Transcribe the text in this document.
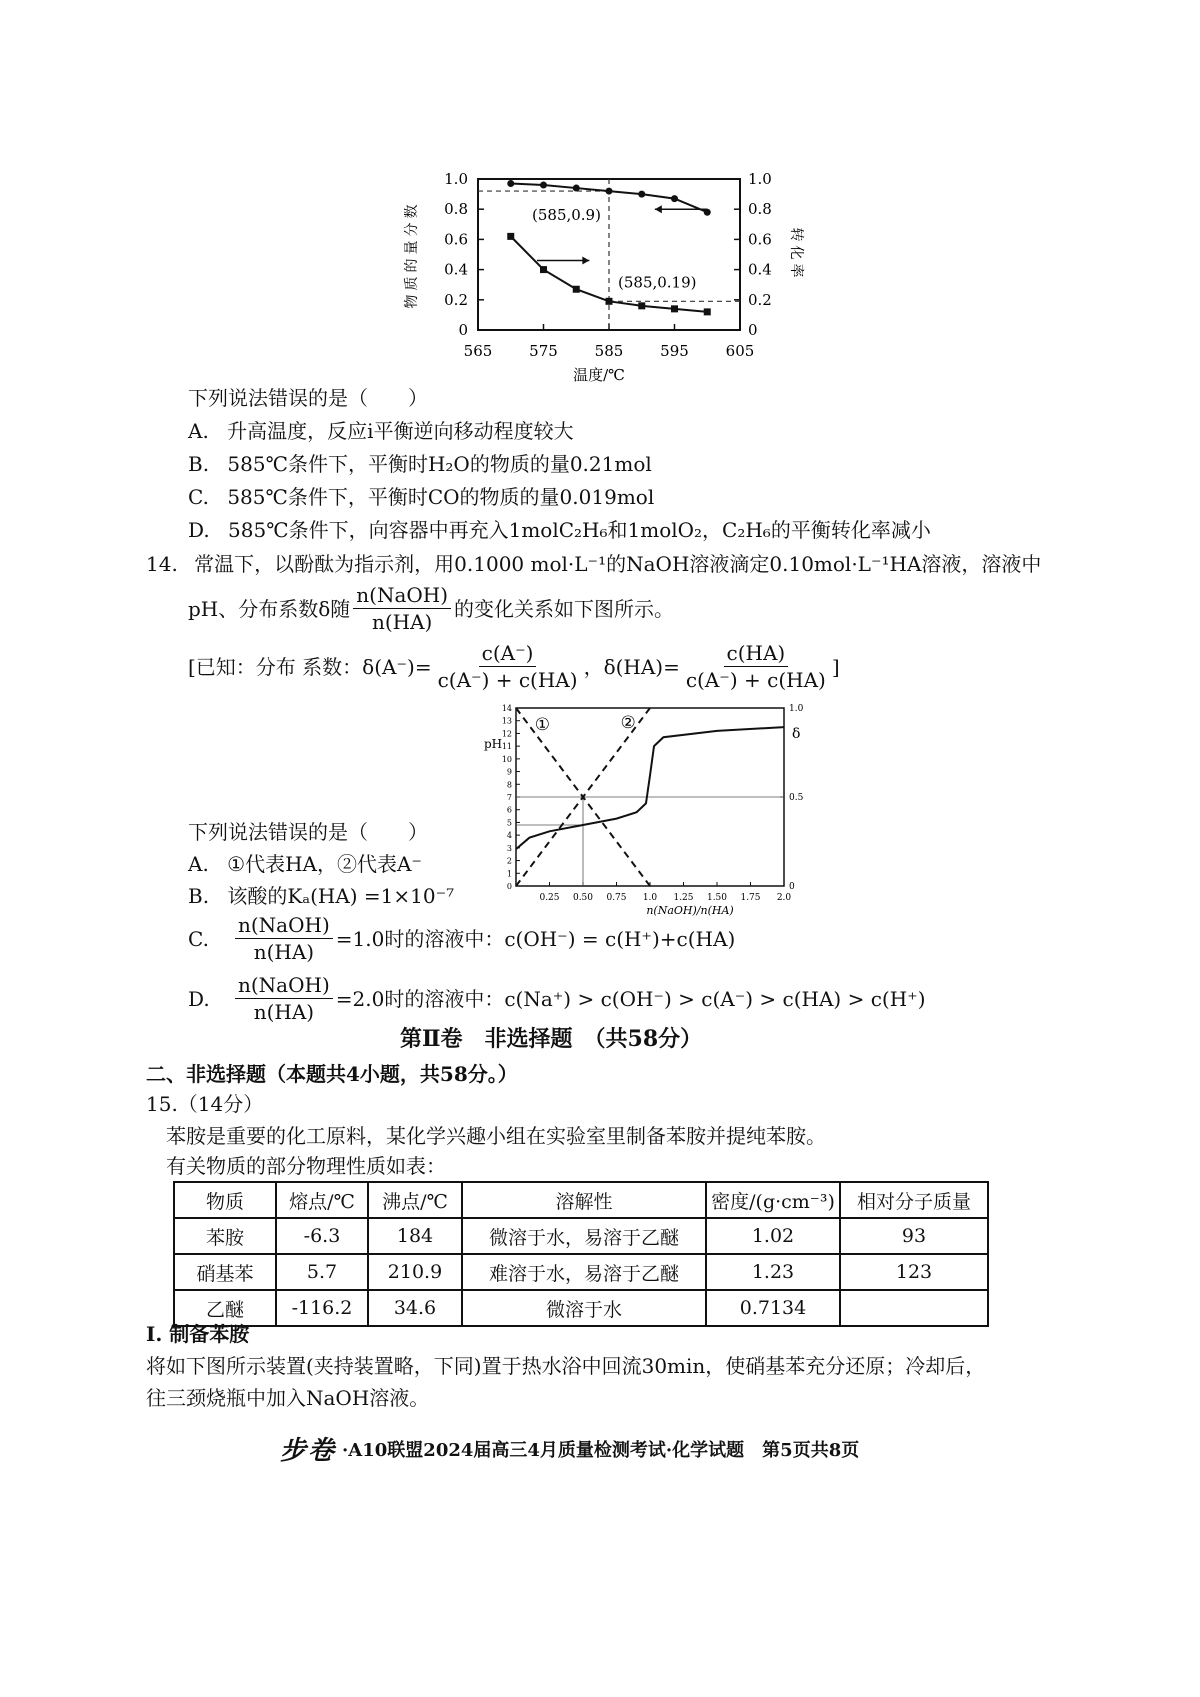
565 575 585 595 605
0
0.2
0.4
0.6
0.8
1.0
0
0.2
0.4
0.6
0.8
1.0
物质的量分数	转化率
温度/℃
(585,0.9)
(585,0.19)
下列说法错误的是（　　）
A. 升高温度，反应ⅰ平衡逆向移动程度较大
B. 585℃条件下，平衡时H₂O的物质的量0.21mol
C. 585℃条件下，平衡时CO的物质的量0.019mol
D. 585℃条件下，向容器中再充入1molC₂H₆和1molO₂，C₂H₆的平衡转化率减小
14. 常温下，以酚酞为指示剂，用0.1000 mol·L⁻¹的NaOH溶液滴定0.10mol·L⁻¹HA溶液，溶液中
pH、分布系数δ随 $\frac{\text{n(NaOH)}}{n(HA)}$ 的变化关系如下图所示。
[已知：分布 系数： $\delta(A^-)= \frac{c(A^-)}{c(A^-) + c(HA)}$ ， $\delta(HA)= \frac{c(HA)}{c(A^-) + c(HA)}$ ]
0.25 0.50 0.75 1.0 1.25 1.50 1.75 2.0
0
1
2
3
4
5
6
7
8
9
10
11
12
13
14
0
0.5
1.0
pH
δ
n(NaOH)/n(HA)
①	②
下列说法错误的是（　　）
A. ①代表HA，②代表A⁻
B. 该酸的Kₐ(HA) =1×10⁻⁷
C.	$\frac{\text{n(NaOH)}}{n(HA)} =1.0$时的溶液中：c(OH⁻) = c(H⁺)+c(HA)
D.	$\frac{\text{n(NaOH)}}{n(HA)} =2.0$时的溶液中：c(Na⁺) > c(OH⁻) > c(A⁻) > c(HA) > c(H⁺)
第Ⅱ卷　非选择题　（共58分）
二、非选择题（本题共4小题，共58分。）
15.（14分）
苯胺是重要的化工原料，某化学兴趣小组在实验室里制备苯胺并提纯苯胺。
有关物质的部分物理性质如表：
物质	熔点/℃	沸点/℃	溶解性	密度/(g·cm⁻³)	相对分子质量
苯胺	-6.3	184	微溶于水，易溶于乙醚	1.02	93
硝基苯	5.7	210.9	难溶于水，易溶于乙醚	1.23	123
乙醚	-116.2	34.6	微溶于水	0.7134	
I. 制备苯胺
将如下图所示装置(夹持装置略，下同)置于热水浴中回流30min，使硝基苯充分还原；冷却后，
往三颈烧瓶中加入NaOH溶液。
步卷 ·A10联盟2024届高三4月质量检测考试·化学试题　第5页共8页
